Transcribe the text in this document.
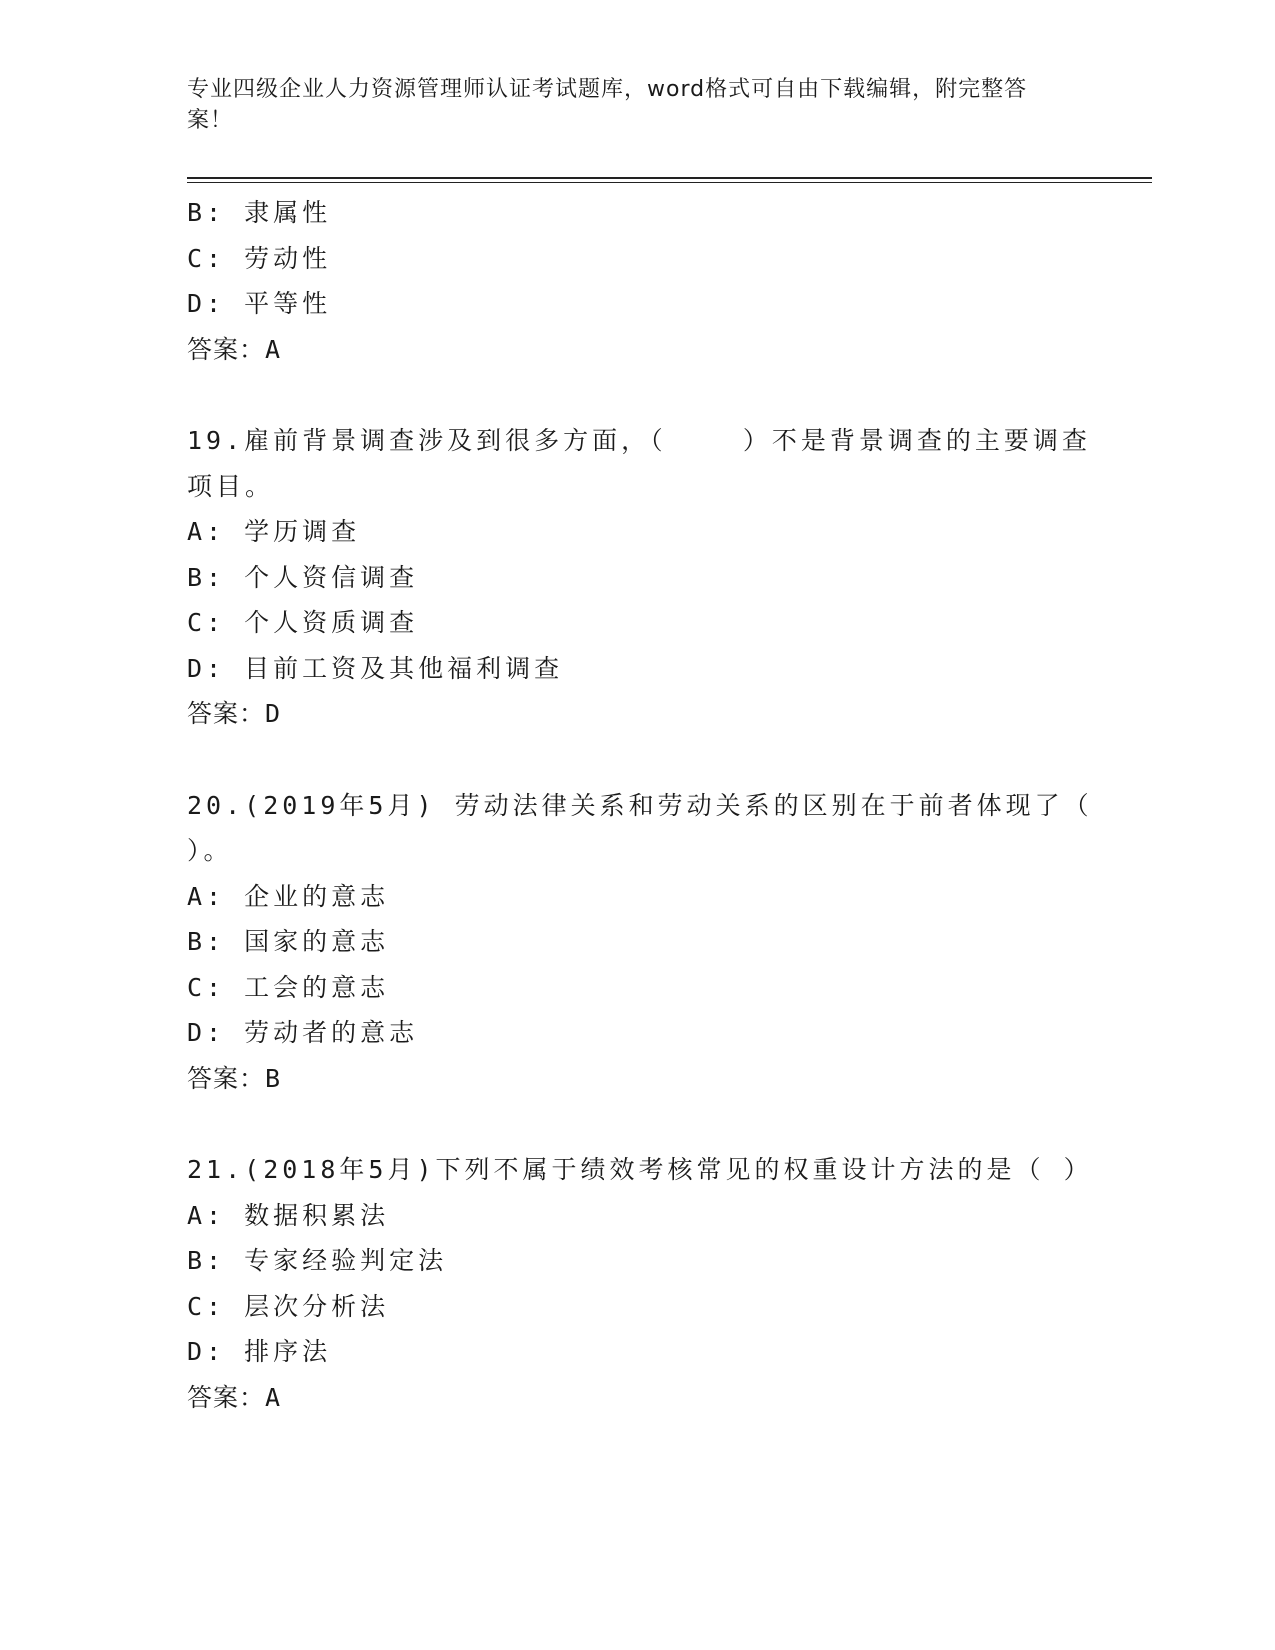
专业四级企业人力资源管理师认证考试题库，word格式可自由下载编辑，附完整答案！
B: 隶属性
C: 劳动性
D: 平等性
答案：A
19.雇前背景调查涉及到很多方面，（    ）不是背景调查的主要调查
项目。
A: 学历调查
B: 个人资信调查
C: 个人资质调查
D: 目前工资及其他福利调查
答案：D
20.(2019年5月) 劳动法律关系和劳动关系的区别在于前者体现了（
）。
A: 企业的意志
B: 国家的意志
C: 工会的意志
D: 劳动者的意志
答案：B
21.(2018年5月)下列不属于绩效考核常见的权重设计方法的是（ ）
A: 数据积累法
B: 专家经验判定法
C: 层次分析法
D: 排序法
答案：A
